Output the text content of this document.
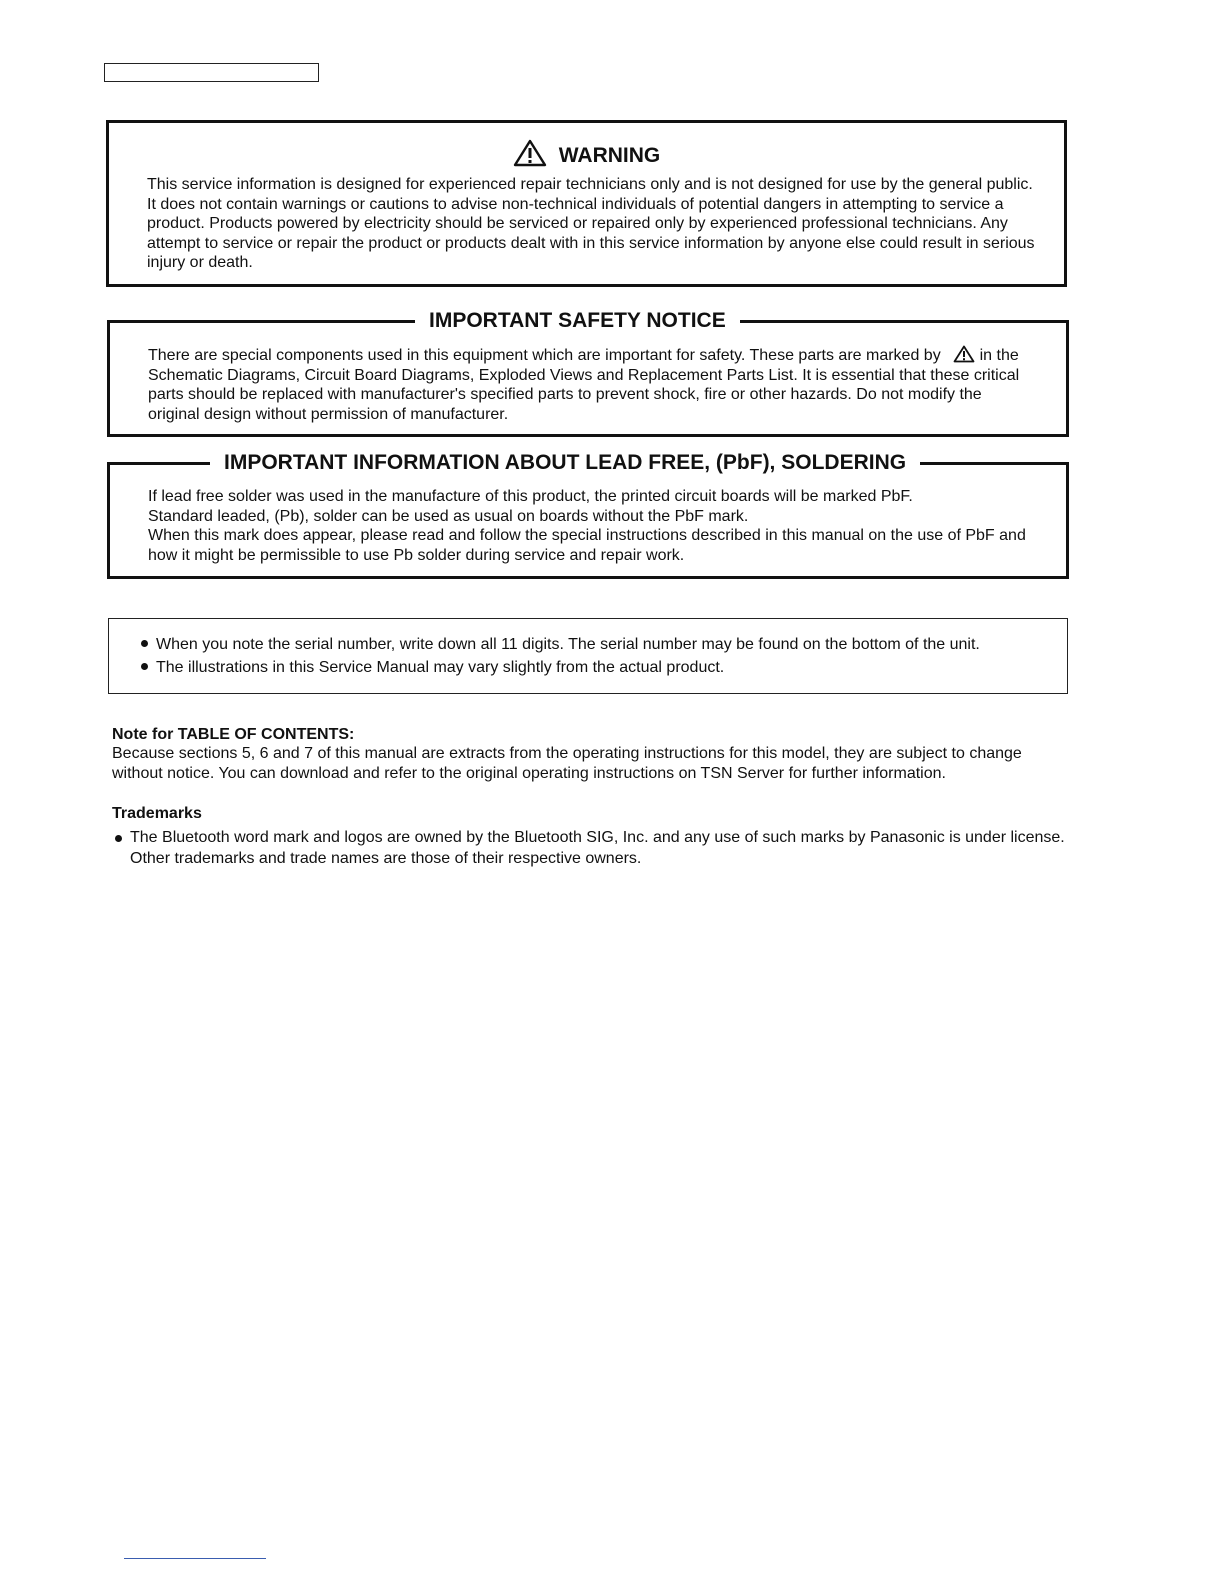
WARNING

This service information is designed for experienced repair technicians only and is not designed for use by the general public. It does not contain warnings or cautions to advise non-technical individuals of potential dangers in attempting to service a product. Products powered by electricity should be serviced or repaired only by experienced professional technicians. Any attempt to service or repair the product or products dealt with in this service information by anyone else could result in serious injury or death.

IMPORTANT SAFETY NOTICE

There are special components used in this equipment which are important for safety. These parts are marked by in the Schematic Diagrams, Circuit Board Diagrams, Exploded Views and Replacement Parts List. It is essential that these critical parts should be replaced with manufacturer's specified parts to prevent shock, fire or other hazards. Do not modify the original design without permission of manufacturer.

IMPORTANT INFORMATION ABOUT LEAD FREE, (PbF), SOLDERING

If lead free solder was used in the manufacture of this product, the printed circuit boards will be marked PbF.

Standard leaded, (Pb), solder can be used as usual on boards without the PbF mark.

When this mark does appear, please read and follow the special instructions described in this manual on the use of PbF and how it might be permissible to use Pb solder during service and repair work.

When you note the serial number, write down all 11 digits. The serial number may be found on the bottom of the unit.
The illustrations in this Service Manual may vary slightly from the actual product.
Note for TABLE OF CONTENTS:

Because sections 5, 6 and 7 of this manual are extracts from the operating instructions for this model, they are subject to change without notice. You can download and refer to the original operating instructions on TSN Server for further information.

Trademarks

The Bluetooth word mark and logos are owned by the Bluetooth SIG, Inc. and any use of such marks by Panasonic is under license. Other trademarks and trade names are those of their respective owners.
